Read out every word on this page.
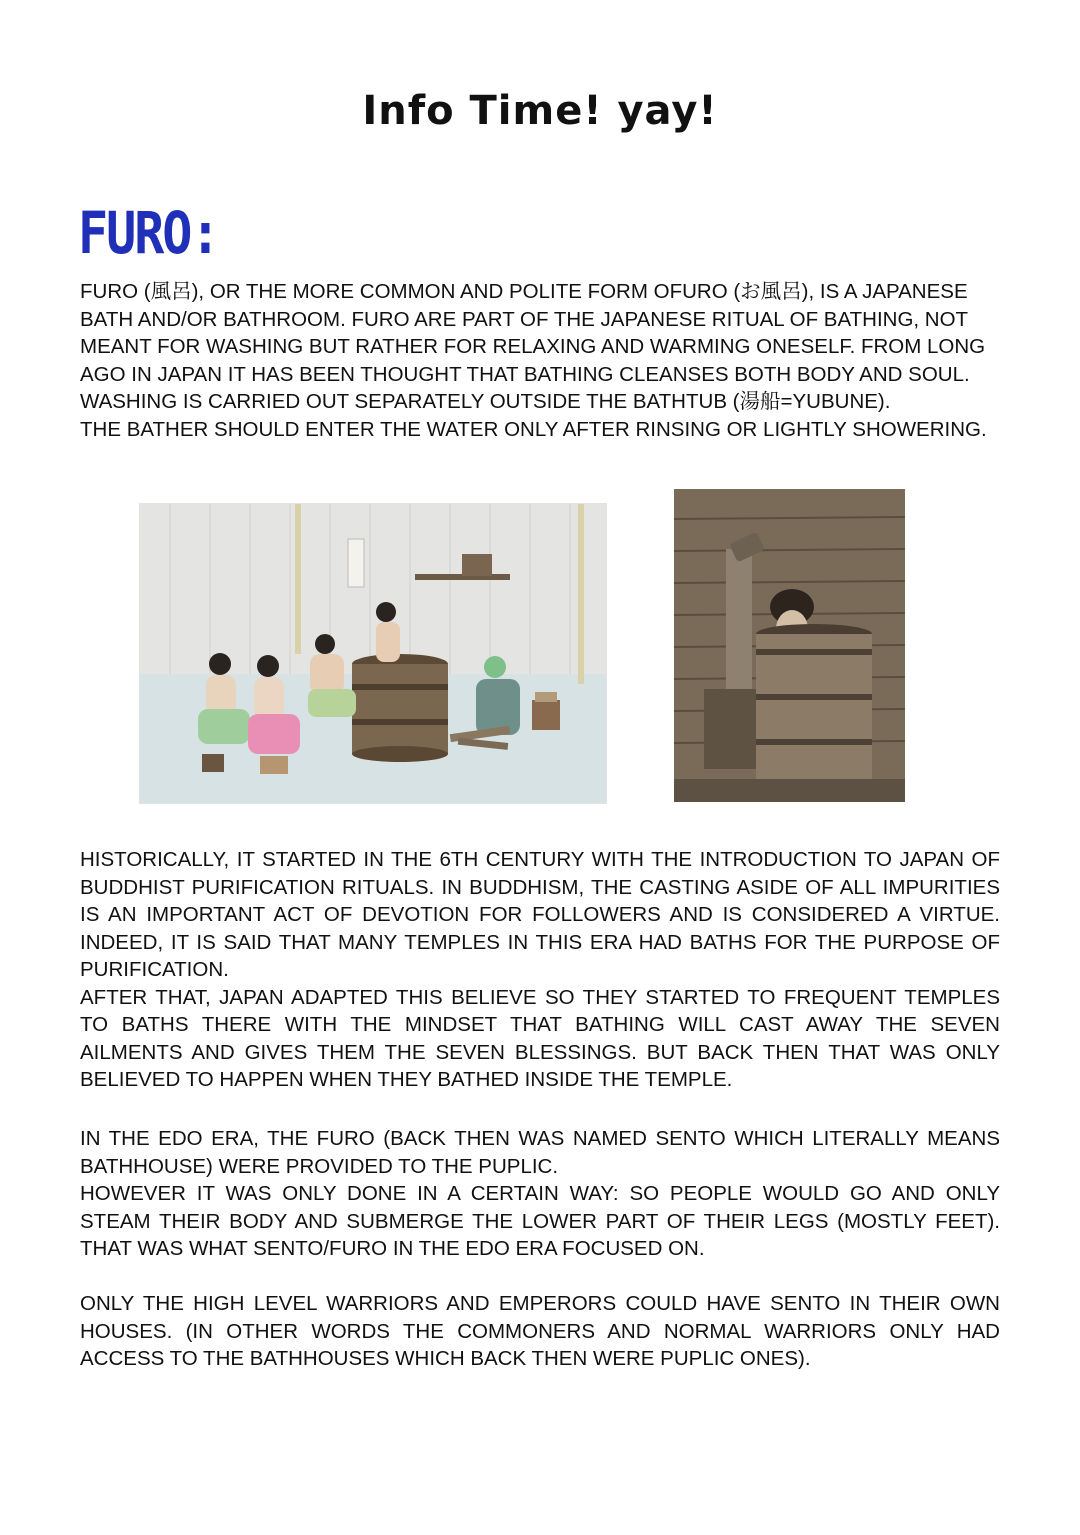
Info Time! yay!
FURO:

FURO (風呂), OR THE MORE COMMON AND POLITE FORM OFURO (お風呂), IS A JAPANESE BATH AND/OR BATHROOM. FURO ARE PART OF THE JAPANESE RITUAL OF BATHING, NOT MEANT FOR WASHING BUT RATHER FOR RELAXING AND WARMING ONESELF. FROM LONG AGO IN JAPAN IT HAS BEEN THOUGHT THAT BATHING CLEANSES BOTH BODY AND SOUL. WASHING IS CARRIED OUT SEPARATELY OUTSIDE THE BATHTUB (湯船=YUBUNE).

THE BATHER SHOULD ENTER THE WATER ONLY AFTER RINSING OR LIGHTLY SHOWERING.

HISTORICALLY, IT STARTED IN THE 6TH CENTURY WITH THE INTRODUCTION TO JAPAN OF BUDDHIST PURIFICATION RITUALS. IN BUDDHISM, THE CASTING ASIDE OF ALL IMPURITIES IS AN IMPORTANT ACT OF DEVOTION FOR FOLLOWERS AND IS CONSIDERED A VIRTUE. INDEED, IT IS SAID THAT MANY TEMPLES IN THIS ERA HAD BATHS FOR THE PURPOSE OF PURIFICATION.

AFTER THAT, JAPAN ADAPTED THIS BELIEVE SO THEY STARTED TO FREQUENT TEMPLES TO BATHS THERE WITH THE MINDSET THAT BATHING WILL CAST AWAY THE SEVEN AILMENTS AND GIVES THEM THE SEVEN BLESSINGS. BUT BACK THEN THAT WAS ONLY BELIEVED TO HAPPEN WHEN THEY BATHED INSIDE THE TEMPLE.

IN THE EDO ERA, THE FURO (BACK THEN WAS NAMED SENTO WHICH LITERALLY MEANS BATHHOUSE) WERE PROVIDED TO THE PUPLIC.

HOWEVER IT WAS ONLY DONE IN A CERTAIN WAY: SO PEOPLE WOULD GO AND ONLY STEAM THEIR BODY AND SUBMERGE THE LOWER PART OF THEIR LEGS (MOSTLY FEET). THAT WAS WHAT SENTO/FURO IN THE EDO ERA FOCUSED ON.

ONLY THE HIGH LEVEL WARRIORS AND EMPERORS COULD HAVE SENTO IN THEIR OWN HOUSES. (IN OTHER WORDS THE COMMONERS AND NORMAL WARRIORS ONLY HAD ACCESS TO THE BATHHOUSES WHICH BACK THEN WERE PUPLIC ONES).
